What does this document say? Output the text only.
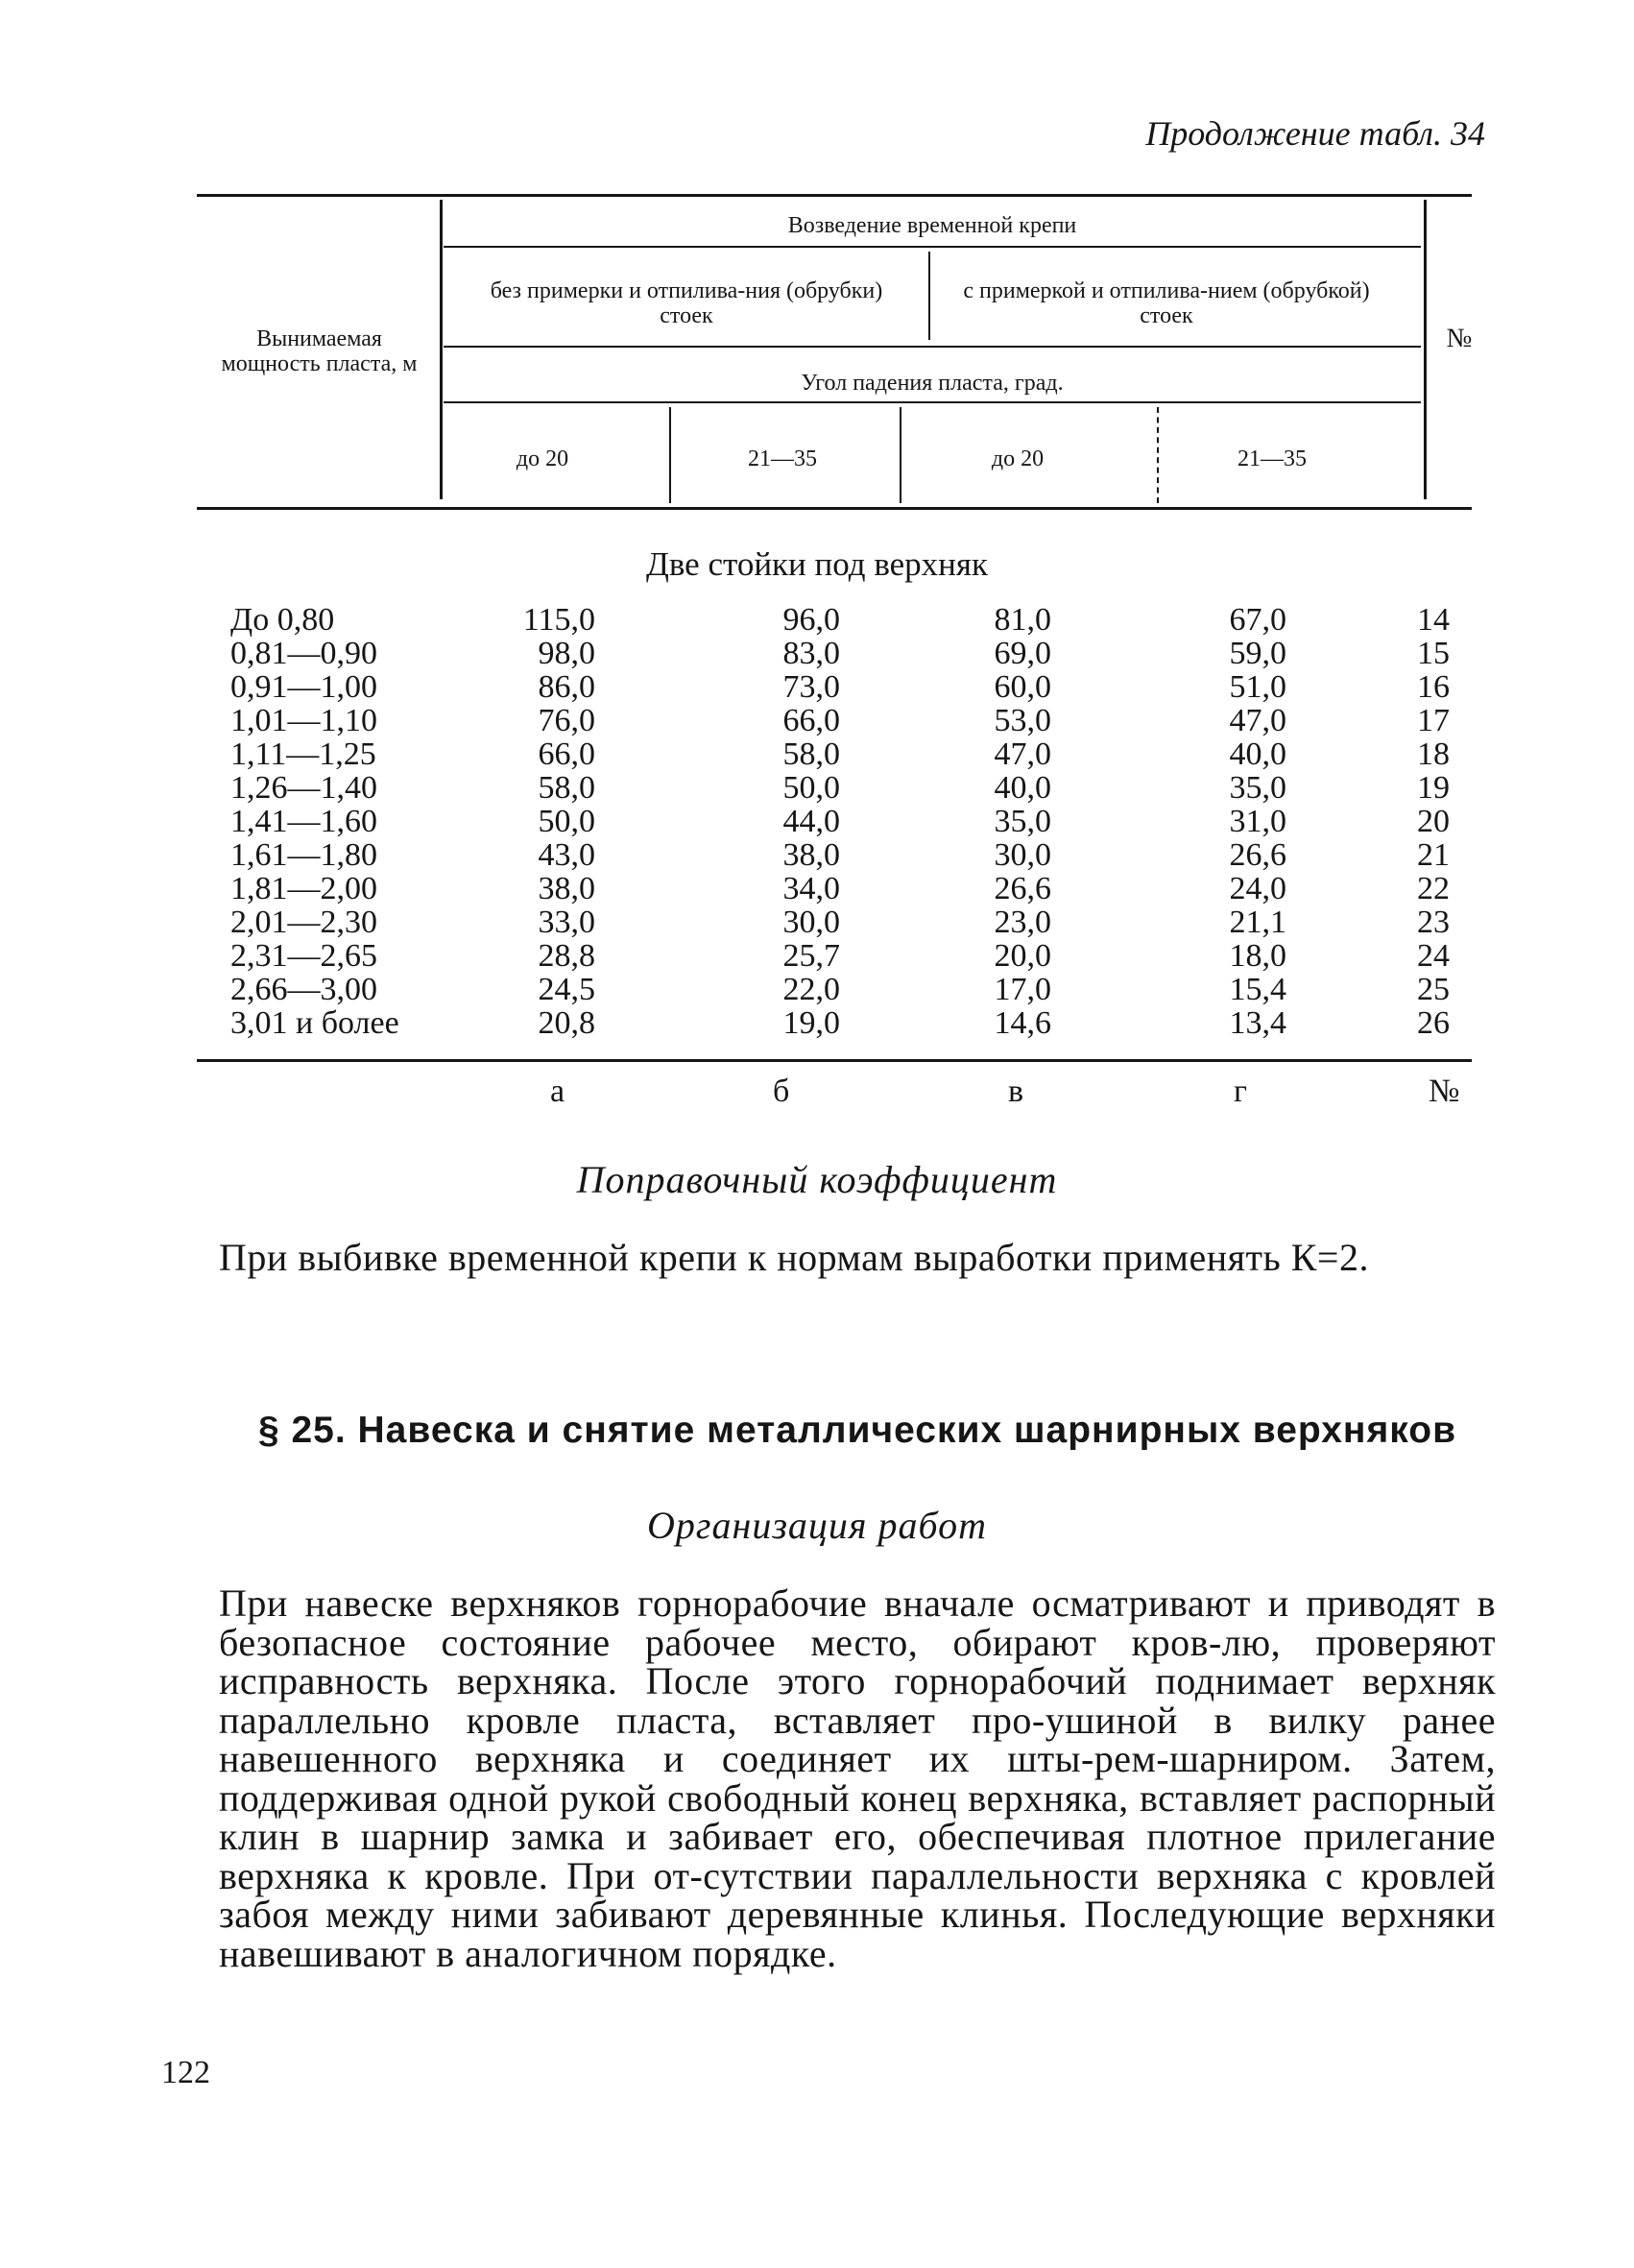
Продолжение табл. 34
Вынимаемая мощность пласта, м
Возведение временной крепи
без примерки и отпилива-ния (обрубки) стоек
с примеркой и отпилива-нием (обрубкой) стоек
Угол падения пласта, град.
до 20	21—35	до 20	21—35
№
Две стойки под верхняк
До 0,80	115,0	96,0	81,0	67,0	14
0,81—0,90	98,0	83,0	69,0	59,0	15
0,91—1,00	86,0	73,0	60,0	51,0	16
1,01—1,10	76,0	66,0	53,0	47,0	17
1,11—1,25	66,0	58,0	47,0	40,0	18
1,26—1,40	58,0	50,0	40,0	35,0	19
1,41—1,60	50,0	44,0	35,0	31,0	20
1,61—1,80	43,0	38,0	30,0	26,6	21
1,81—2,00	38,0	34,0	26,6	24,0	22
2,01—2,30	33,0	30,0	23,0	21,1	23
2,31—2,65	28,8	25,7	20,0	18,0	24
2,66—3,00	24,5	22,0	17,0	15,4	25
3,01 и более	20,8	19,0	14,6	13,4	26
а	б	в	г	№
Поправочный коэффициент
При выбивке временной крепи к нормам выработки применять К=2.
§ 25. Навеска и снятие металлических шарнирных верхняков
Организация работ
При навеске верхняков горнорабочие вначале осматривают и приводят в безопасное состояние рабочее место, обирают кров-лю, проверяют исправность верхняка. После этого горнорабочий поднимает верхняк параллельно кровле пласта, вставляет про-ушиной в вилку ранее навешенного верхняка и соединяет их шты-рем-шарниром. Затем, поддерживая одной рукой свободный конец верхняка, вставляет распорный клин в шарнир замка и забивает его, обеспечивая плотное прилегание верхняка к кровле. При от-сутствии параллельности верхняка с кровлей забоя между ними забивают деревянные клинья. Последующие верхняки навешивают в аналогичном порядке.
122
